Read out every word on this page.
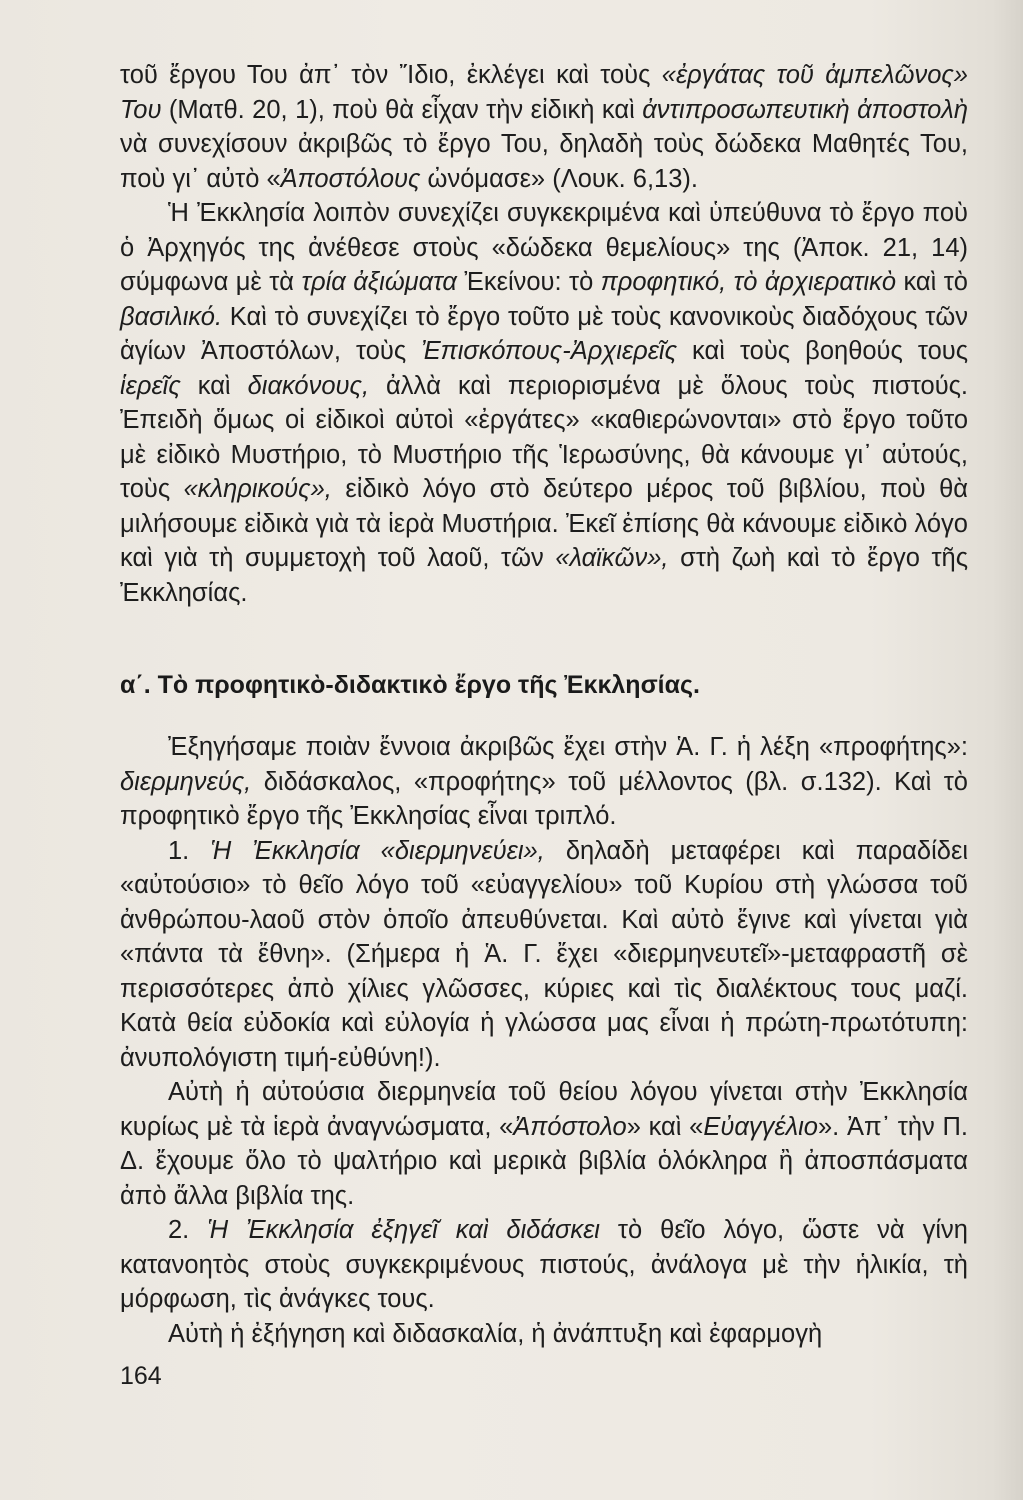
τοῦ ἔργου Του ἀπ᾽ τὸν Ἴδιο, ἐκλέγει καὶ τοὺς «ἐργάτας τοῦ ἀμπελῶνος» Του (Ματθ. 20, 1), ποὺ θὰ εἶχαν τὴν εἰδικὴ καὶ ἀντιπροσωπευτικὴ ἀποστολὴ νὰ συνεχίσουν ἀκριβῶς τὸ ἔργο Του, δηλαδὴ τοὺς δώδεκα Μαθητές Του, ποὺ γι᾽ αὐτὸ «Ἀποστόλους ὠνόμασε» (Λουκ. 6,13).

Ἡ Ἐκκλησία λοιπὸν συνεχίζει συγκεκριμένα καὶ ὑπεύθυνα τὸ ἔργο ποὺ ὁ Ἀρχηγός της ἀνέθεσε στοὺς «δώδεκα θεμελίους» της (Ἀποκ. 21, 14) σύμφωνα μὲ τὰ τρία ἀξιώματα Ἐκείνου: τὸ προφητικό, τὸ ἀρχιερατικὸ καὶ τὸ βασιλικό. Καὶ τὸ συνεχίζει τὸ ἔργο τοῦτο μὲ τοὺς κανονικοὺς διαδόχους τῶν ἁγίων Ἀποστόλων, τοὺς Ἐπισκόπους-Ἀρχιερεῖς καὶ τοὺς βοηθούς τους ἱερεῖς καὶ διακόνους, ἀλλὰ καὶ περιορισμένα μὲ ὅλους τοὺς πιστούς. Ἐπειδὴ ὅμως οἱ εἰδικοὶ αὐτοὶ «ἐργάτες» «καθιερώνονται» στὸ ἔργο τοῦτο μὲ εἰδικὸ Μυστήριο, τὸ Μυστήριο τῆς Ἱερωσύνης, θὰ κάνουμε γι᾽ αὐτούς, τοὺς «κληρικούς», εἰδικὸ λόγο στὸ δεύτερο μέρος τοῦ βιβλίου, ποὺ θὰ μιλήσουμε εἰδικὰ γιὰ τὰ ἱερὰ Μυστήρια. Ἐκεῖ ἐπίσης θὰ κάνουμε εἰδικὸ λόγο καὶ γιὰ τὴ συμμετοχὴ τοῦ λαοῦ, τῶν «λαϊκῶν», στὴ ζωὴ καὶ τὸ ἔργο τῆς Ἐκκλησίας.

α΄. Τὸ προφητικὸ-διδακτικὸ ἔργο τῆς Ἐκκλησίας.

Ἐξηγήσαμε ποιὰν ἔννοια ἀκριβῶς ἔχει στὴν Ἁ. Γ. ἡ λέξη «προφήτης»: διερμηνεύς, διδάσκαλος, «προφήτης» τοῦ μέλλοντος (βλ. σ.132). Καὶ τὸ προφητικὸ ἔργο τῆς Ἐκκλησίας εἶναι τριπλό.

1. Ἡ Ἐκκλησία «διερμηνεύει», δηλαδὴ μεταφέρει καὶ παραδίδει «αὐτούσιο» τὸ θεῖο λόγο τοῦ «εὐαγγελίου» τοῦ Κυρίου στὴ γλώσσα τοῦ ἀνθρώπου-λαοῦ στὸν ὁποῖο ἀπευθύνεται. Καὶ αὐτὸ ἔγινε καὶ γίνεται γιὰ «πάντα τὰ ἔθνη». (Σήμερα ἡ Ἁ. Γ. ἔχει «διερμηνευτεῖ»-μεταφραστῆ σὲ περισσότερες ἀπὸ χίλιες γλῶσσες, κύριες καὶ τὶς διαλέκτους τους μαζί. Κατὰ θεία εὐδοκία καὶ εὐλογία ἡ γλώσσα μας εἶναι ἡ πρώτη-πρωτότυπη: ἀνυπολόγιστη τιμή-εὐθύνη!).

Αὐτὴ ἡ αὐτούσια διερμηνεία τοῦ θείου λόγου γίνεται στὴν Ἐκκλησία κυρίως μὲ τὰ ἱερὰ ἀναγνώσματα, «Ἀπόστολο» καὶ «Εὐαγγέλιο». Ἀπ᾽ τὴν Π. Δ. ἔχουμε ὅλο τὸ ψαλτήριο καὶ μερικὰ βιβλία ὁλόκληρα ἢ ἀποσπάσματα ἀπὸ ἄλλα βιβλία της.

2. Ἡ Ἐκκλησία ἐξηγεῖ καὶ διδάσκει τὸ θεῖο λόγο, ὥστε νὰ γίνη κατανοητὸς στοὺς συγκεκριμένους πιστούς, ἀνάλογα μὲ τὴν ἡλικία, τὴ μόρφωση, τὶς ἀνάγκες τους.

Αὐτὴ ἡ ἐξήγηση καὶ διδασκαλία, ἡ ἀνάπτυξη καὶ ἐφαρμογὴ

164
